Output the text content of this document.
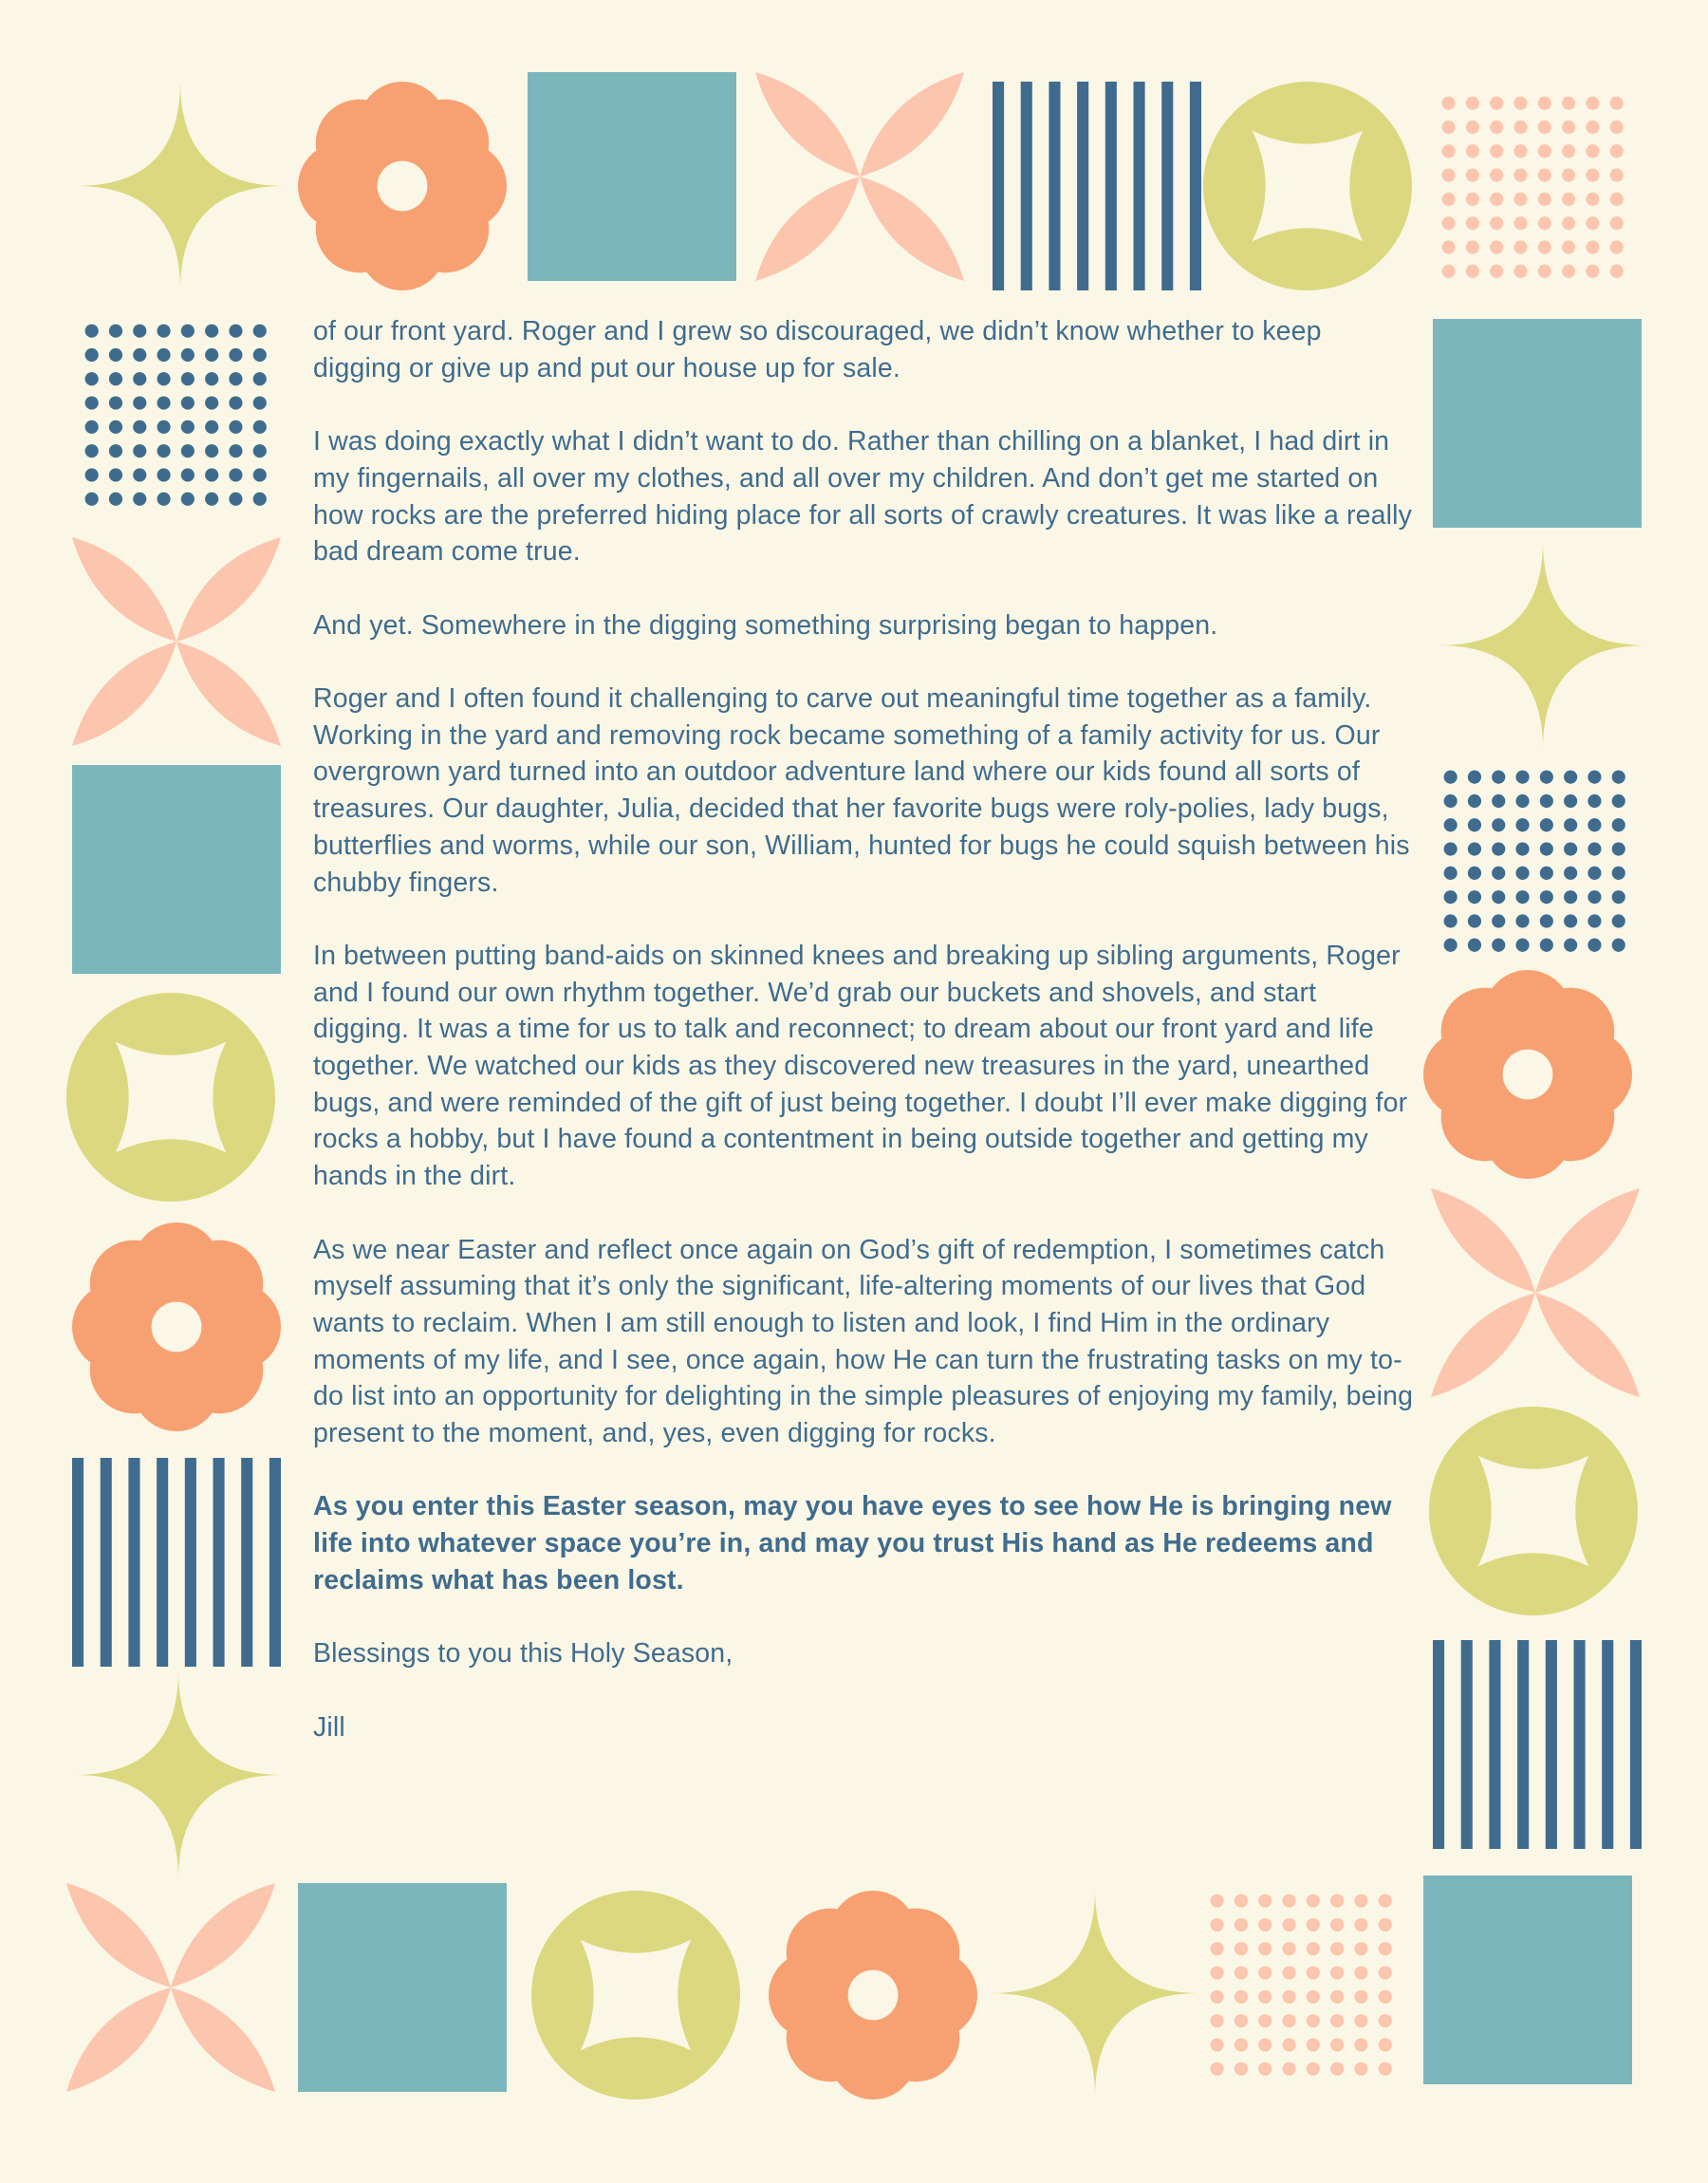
of our front yard. Roger and I grew so discouraged, we didn’t know whether to keep digging or give up and put our house up for sale.

I was doing exactly what I didn’t want to do. Rather than chilling on a blanket, I had dirt in my fingernails, all over my clothes, and all over my children. And don’t get me started on how rocks are the preferred hiding place for all sorts of crawly creatures. It was like a really bad dream come true.

And yet. Somewhere in the digging something surprising began to happen.

Roger and I often found it challenging to carve out meaningful time together as a family. Working in the yard and removing rock became something of a family activity for us. Our overgrown yard turned into an outdoor adventure land where our kids found all sorts of treasures. Our daughter, Julia, decided that her favorite bugs were roly-polies, lady bugs, butterflies and worms, while our son, William, hunted for bugs he could squish between his chubby fingers.

In between putting band-aids on skinned knees and breaking up sibling arguments, Roger and I found our own rhythm together. We’d grab our buckets and shovels, and start digging. It was a time for us to talk and reconnect; to dream about our front yard and life together. We watched our kids as they discovered new treasures in the yard, unearthed bugs, and were reminded of the gift of just being together. I doubt I’ll ever make digging for rocks a hobby, but I have found a contentment in being outside together and getting my hands in the dirt.

As we near Easter and reflect once again on God’s gift of redemption, I sometimes catch myself assuming that it’s only the significant, life-altering moments of our lives that God wants to reclaim. When I am still enough to listen and look, I find Him in the ordinary moments of my life, and I see, once again, how He can turn the frustrating tasks on my to-do list into an opportunity for delighting in the simple pleasures of enjoying my family, being present to the moment, and, yes, even digging for rocks.

As you enter this Easter season, may you have eyes to see how He is bringing new life into whatever space you’re in, and may you trust His hand as He redeems and reclaims what has been lost.

Blessings to you this Holy Season,

Jill
